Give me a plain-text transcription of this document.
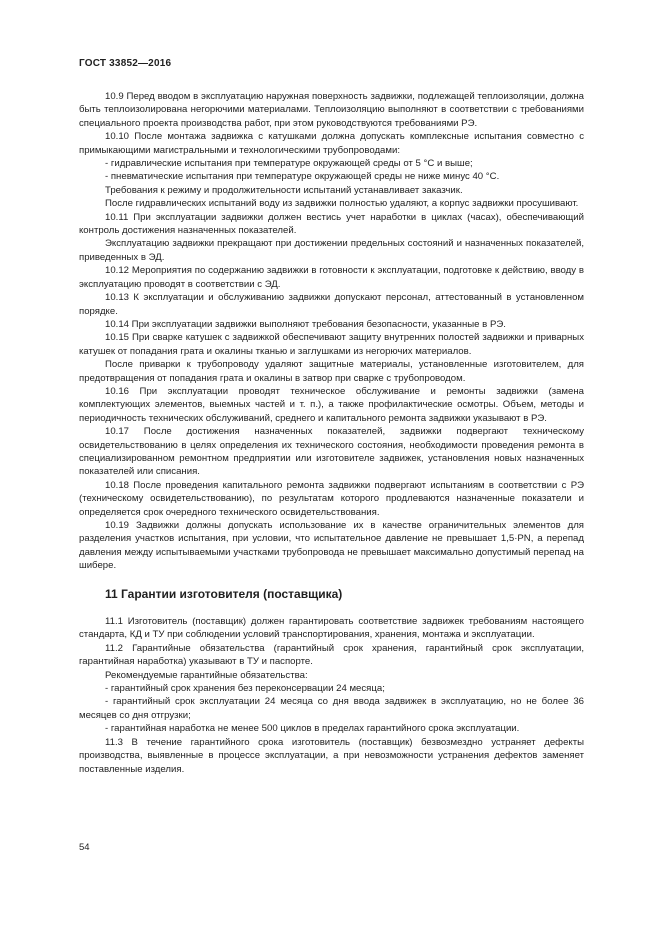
ГОСТ 33852—2016

10.9 Перед вводом в эксплуатацию наружная поверхность задвижки, подлежащей теплоизоляции, должна быть теплоизолирована негорючими материалами. Теплоизоляцию выполняют в соответствии с требованиями специального проекта производства работ, при этом руководствуются требованиями РЭ.

10.10 После монтажа задвижка с катушками должна допускать комплексные испытания совместно с примыкающими магистральными и технологическими трубопроводами:

- гидравлические испытания при температуре окружающей среды от 5 °С и выше;

- пневматические испытания при температуре окружающей среды не ниже минус 40 °С.

Требования к режиму и продолжительности испытаний устанавливает заказчик.

После гидравлических испытаний воду из задвижки полностью удаляют, а корпус задвижки просушивают.

10.11 При эксплуатации задвижки должен вестись учет наработки в циклах (часах), обеспечивающий контроль достижения назначенных показателей.

Эксплуатацию задвижки прекращают при достижении предельных состояний и назначенных показателей, приведенных в ЭД.

10.12 Мероприятия по содержанию задвижки в готовности к эксплуатации, подготовке к действию, вводу в эксплуатацию проводят в соответствии с ЭД.

10.13 К эксплуатации и обслуживанию задвижки допускают персонал, аттестованный в установленном порядке.

10.14 При эксплуатации задвижки выполняют требования безопасности, указанные в РЭ.

10.15 При сварке катушек с задвижкой обеспечивают защиту внутренних полостей задвижки и приварных катушек от попадания грата и окалины тканью и заглушками из негорючих материалов.

После приварки к трубопроводу удаляют защитные материалы, установленные изготовителем, для предотвращения от попадания грата и окалины в затвор при сварке с трубопроводом.

10.16 При эксплуатации проводят техническое обслуживание и ремонты задвижки (замена комплектующих элементов, выемных частей и т. п.), а также профилактические осмотры. Объем, методы и периодичность технических обслуживаний, среднего и капитального ремонта задвижки указывают в РЭ.

10.17 После достижения назначенных показателей, задвижки подвергают техническому освидетельствованию в целях определения их технического состояния, необходимости проведения ремонта в специализированном ремонтном предприятии или изготовителе задвижек, установления новых назначенных показателей или списания.

10.18 После проведения капитального ремонта задвижки подвергают испытаниям в соответствии с РЭ (техническому освидетельствованию), по результатам которого продлеваются назначенные показатели и определяется срок очередного технического освидетельствования.

10.19 Задвижки должны допускать использование их в качестве ограничительных элементов для разделения участков испытания, при условии, что испытательное давление не превышает 1,5·PN, а перепад давления между испытываемыми участками трубопровода не превышает максимально допустимый перепад на шибере.

11 Гарантии изготовителя (поставщика)

11.1 Изготовитель (поставщик) должен гарантировать соответствие задвижек требованиям настоящего стандарта, КД и ТУ при соблюдении условий транспортирования, хранения, монтажа и эксплуатации.

11.2 Гарантийные обязательства (гарантийный срок хранения, гарантийный срок эксплуатации, гарантийная наработка) указывают в ТУ и паспорте.

Рекомендуемые гарантийные обязательства:

- гарантийный срок хранения без переконсервации 24 месяца;

- гарантийный срок эксплуатации 24 месяца со дня ввода задвижек в эксплуатацию, но не более 36 месяцев со дня отгрузки;

- гарантийная наработка не менее 500 циклов в пределах гарантийного срока эксплуатации.

11.3 В течение гарантийного срока изготовитель (поставщик) безвозмездно устраняет дефекты производства, выявленные в процессе эксплуатации, а при невозможности устранения дефектов заменяет поставленные изделия.

54
